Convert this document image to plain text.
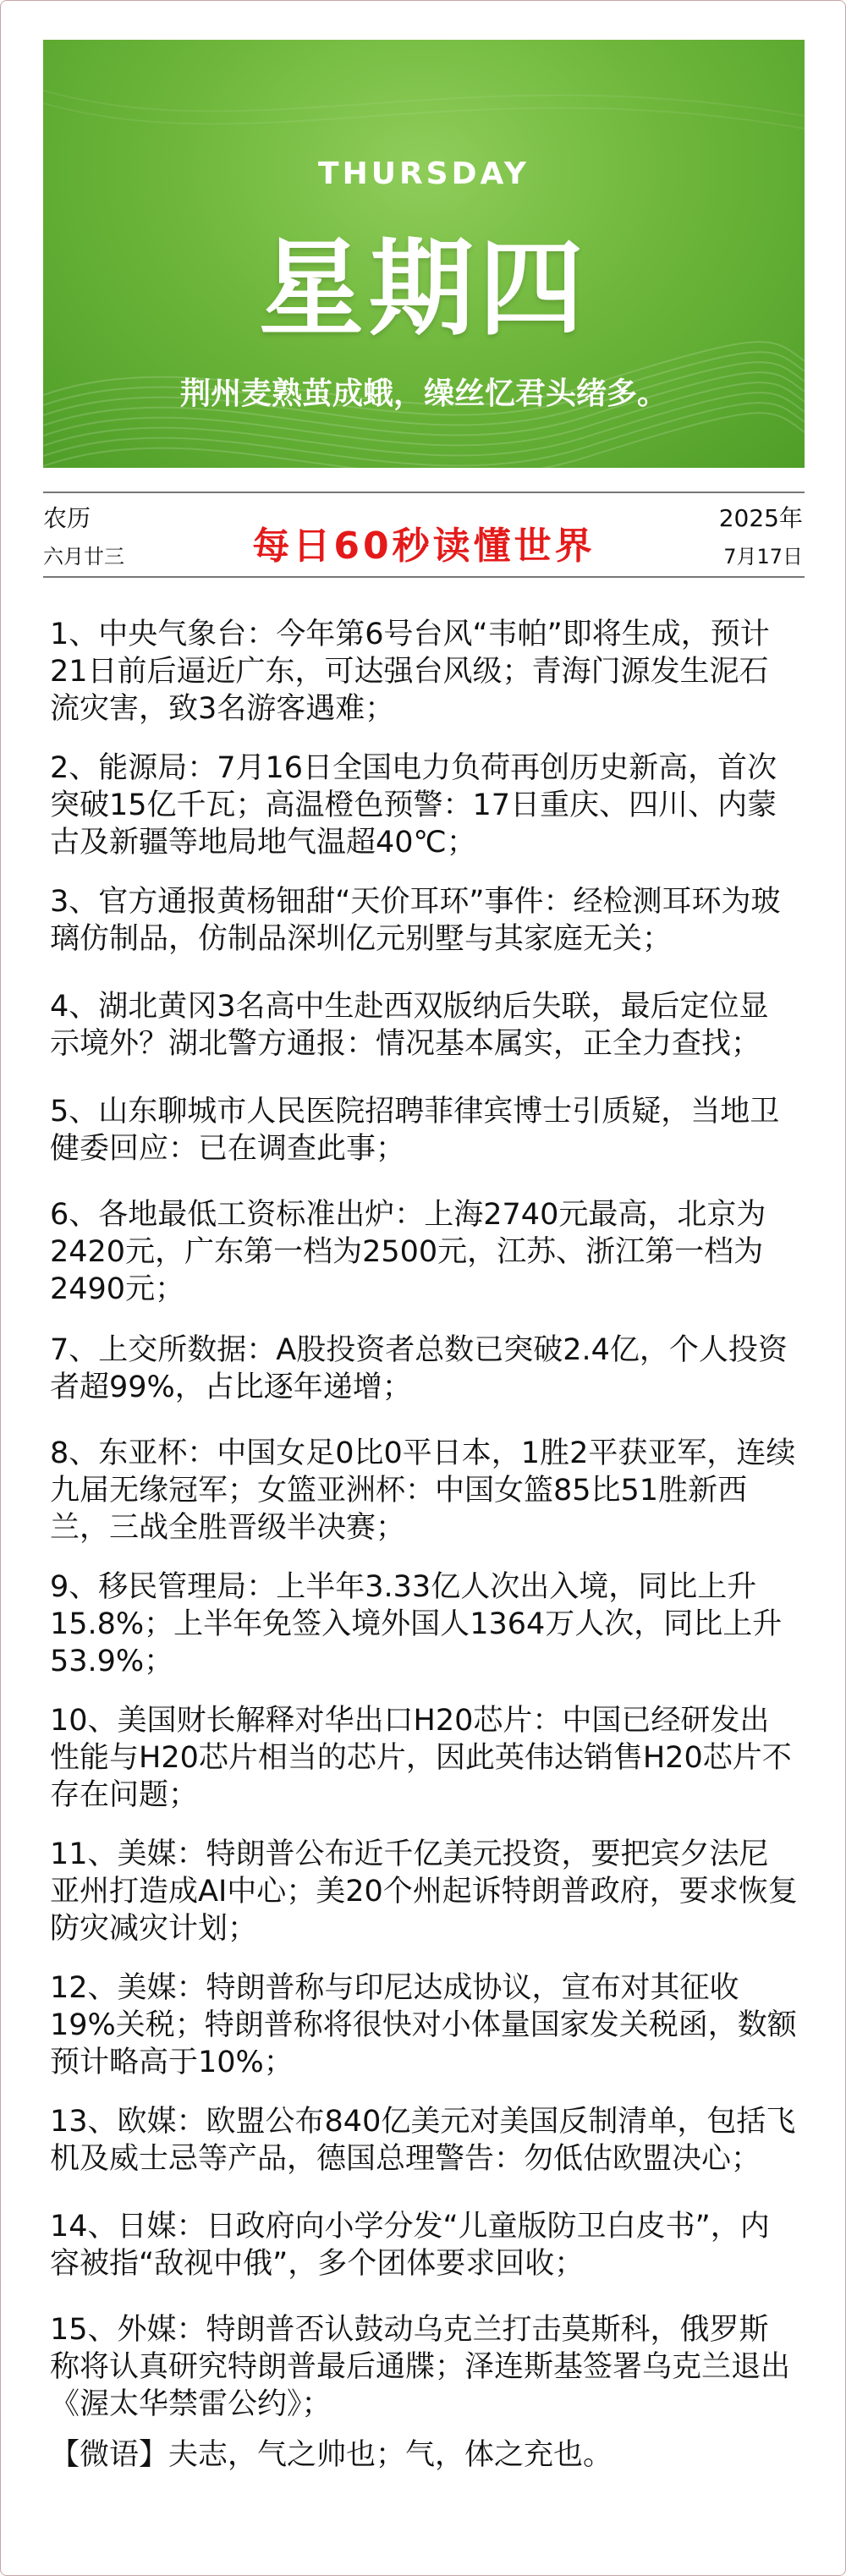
THURSDAY
星期四
荆州麦熟茧成蛾，缲丝忆君头绪多。
农历
六月廿三	每日60秒读懂世界
2025年
7月17日
1、中央气象台：今年第6号台风“韦帕”即将生成，预计21日前后逼近广东，可达强台风级；青海门源发生泥石流灾害，致3名游客遇难；
2、能源局：7月16日全国电力负荷再创历史新高，首次突破15亿千瓦；高温橙色预警：17日重庆、四川、内蒙古及新疆等地局地气温超40℃；
3、官方通报黄杨钿甜“天价耳环”事件：经检测耳环为玻璃仿制品，仿制品深圳亿元别墅与其家庭无关；
4、湖北黄冈3名高中生赴西双版纳后失联，最后定位显示境外？湖北警方通报：情况基本属实，正全力查找；
5、山东聊城市人民医院招聘菲律宾博士引质疑，当地卫健委回应：已在调查此事；
6、各地最低工资标准出炉：上海2740元最高，北京为2420元，广东第一档为2500元，江苏、浙江第一档为2490元；
7、上交所数据：A股投资者总数已突破2.4亿，个人投资者超99%，占比逐年递增；
8、东亚杯：中国女足0比0平日本，1胜2平获亚军，连续九届无缘冠军；女篮亚洲杯：中国女篮85比51胜新西兰，三战全胜晋级半决赛；
9、移民管理局：上半年3.33亿人次出入境，同比上升15.8%；上半年免签入境外国人1364万人次，同比上升53.9%；
10、美国财长解释对华出口H20芯片：中国已经研发出性能与H20芯片相当的芯片，因此英伟达销售H20芯片不存在问题；
11、美媒：特朗普公布近千亿美元投资，要把宾夕法尼亚州打造成AI中心；美20个州起诉特朗普政府，要求恢复防灾减灾计划；
12、美媒：特朗普称与印尼达成协议，宣布对其征收19%关税；特朗普称将很快对小体量国家发关税函，数额预计略高于10%；
13、欧媒：欧盟公布840亿美元对美国反制清单，包括飞机及威士忌等产品，德国总理警告：勿低估欧盟决心；
14、日媒：日政府向小学分发“儿童版防卫白皮书”，内容被指“敌视中俄”，多个团体要求回收；
15、外媒：特朗普否认鼓动乌克兰打击莫斯科，俄罗斯称将认真研究特朗普最后通牒；泽连斯基签署乌克兰退出《渥太华禁雷公约》；
【微语】夫志，气之帅也；气，体之充也。
